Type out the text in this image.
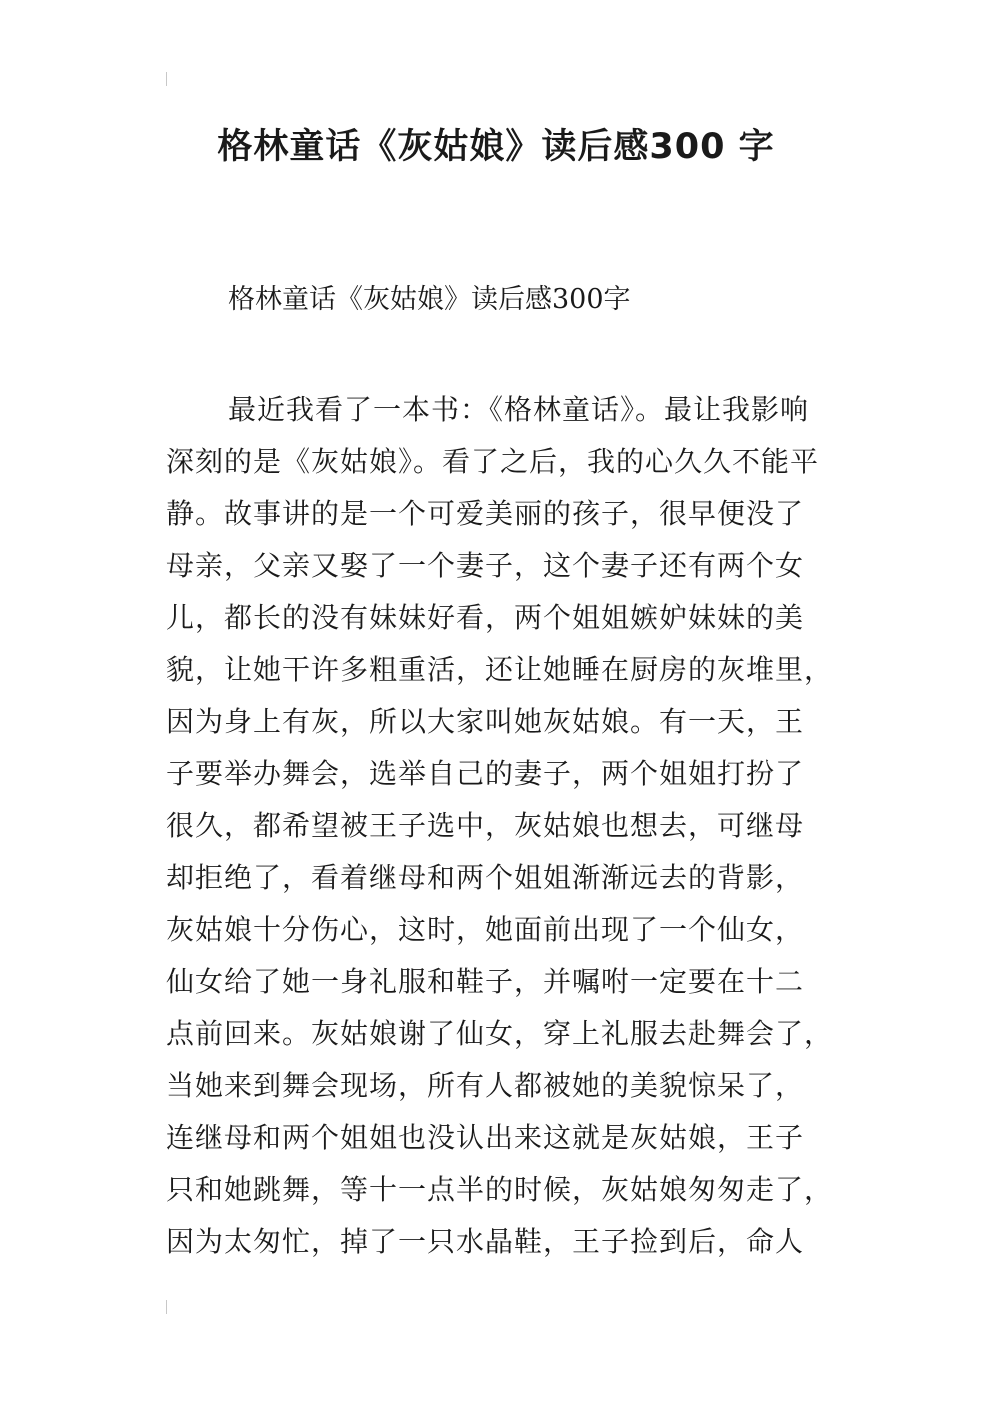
格林童话《灰姑娘》读后感300 字

格林童话《灰姑娘》读后感300字

最近我看了一本书：《格林童话》。最让我影响
深刻的是《灰姑娘》。看了之后，我的心久久不能平
静。故事讲的是一个可爱美丽的孩子，很早便没了
母亲，父亲又娶了一个妻子，这个妻子还有两个女
儿，都长的没有妹妹好看，两个姐姐嫉妒妹妹的美
貌，让她干许多粗重活，还让她睡在厨房的灰堆里，
因为身上有灰，所以大家叫她灰姑娘。有一天，王
子要举办舞会，选举自己的妻子，两个姐姐打扮了
很久，都希望被王子选中，灰姑娘也想去，可继母
却拒绝了，看着继母和两个姐姐渐渐远去的背影，
灰姑娘十分伤心，这时，她面前出现了一个仙女，
仙女给了她一身礼服和鞋子，并嘱咐一定要在十二
点前回来。灰姑娘谢了仙女，穿上礼服去赴舞会了，
当她来到舞会现场，所有人都被她的美貌惊呆了，
连继母和两个姐姐也没认出来这就是灰姑娘，王子
只和她跳舞，等十一点半的时候，灰姑娘匆匆走了，
因为太匆忙，掉了一只水晶鞋，王子捡到后，命人
